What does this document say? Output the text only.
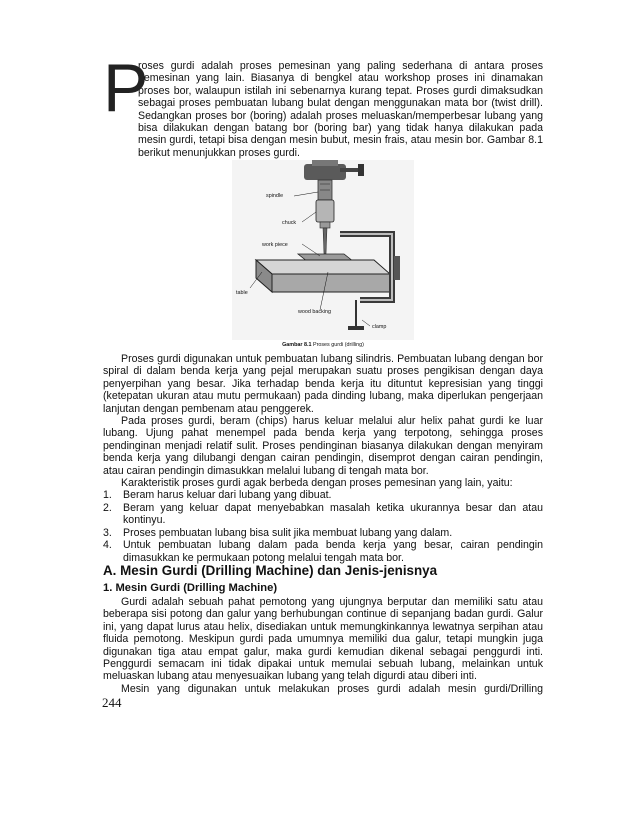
P
roses gurdi adalah proses pemesinan yang paling sederhana di antara proses pemesinan yang lain. Biasanya di bengkel atau workshop proses ini dinamakan proses bor, walaupun istilah ini sebenarnya kurang tepat. Proses gurdi dimaksudkan sebagai proses pembuatan lubang bulat dengan menggunakan mata bor (twist drill). Sedangkan proses bor (boring) adalah proses meluaskan/memperbesar lubang yang bisa dilakukan dengan batang bor (boring bar) yang tidak hanya dilakukan pada mesin gurdi, tetapi bisa dengan mesin bubut, mesin frais, atau mesin bor. Gambar 8.1 berikut menunjukkan proses gurdi.
spindle
chuck
work piece
table
wood backing
clamp
Gambar 8.1 Proses gurdi (drilling)

Proses gurdi digunakan untuk pembuatan lubang silindris. Pembuatan lubang dengan bor spiral di dalam benda kerja yang pejal merupakan suatu proses pengikisan dengan daya penyerpihan yang besar. Jika terhadap benda kerja itu dituntut kepresisian yang tinggi (ketepatan ukuran atau mutu permukaan) pada dinding lubang, maka diperlukan pengerjaan lanjutan dengan pembenam atau penggerek.

Pada proses gurdi, beram (chips) harus keluar melalui alur helix pahat gurdi ke luar lubang. Ujung pahat menempel pada benda kerja yang terpotong, sehingga proses pendinginan menjadi relatif sulit. Proses pendinginan biasanya dilakukan dengan menyiram benda kerja yang dilubangi dengan cairan pendingin, disemprot dengan cairan pendingin, atau cairan pendingin dimasukkan melalui lubang di tengah mata bor.

Karakteristik proses gurdi agak berbeda dengan proses pemesinan yang lain, yaitu:

1. Beram harus keluar dari lubang yang dibuat.
2. Beram yang keluar dapat menyebabkan masalah ketika ukurannya besar dan atau kontinyu.
3. Proses pembuatan lubang bisa sulit jika membuat lubang yang dalam.
4. Untuk pembuatan lubang dalam pada benda kerja yang besar, cairan pendingin dimasukkan ke permukaan potong melalui tengah mata bor.
A. Mesin Gurdi (Drilling Machine) dan Jenis-jenisnya
1. Mesin Gurdi (Drilling Machine)

Gurdi adalah sebuah pahat pemotong yang ujungnya berputar dan memiliki satu atau beberapa sisi potong dan galur yang berhubungan continue di sepanjang badan gurdi. Galur ini, yang dapat lurus atau helix, disediakan untuk memungkinkannya lewatnya serpihan atau fluida pemotong. Meskipun gurdi pada umumnya memiliki dua galur, tetapi mungkin juga digunakan tiga atau empat galur, maka gurdi kemudian dikenal sebagai penggurdi inti. Penggurdi semacam ini tidak dipakai untuk memulai sebuah lubang, melainkan untuk meluaskan lubang atau menyesuaikan lubang yang telah digurdi atau diberi inti.

Mesin yang digunakan untuk melakukan proses gurdi adalah mesin gurdi/Drilling

244
